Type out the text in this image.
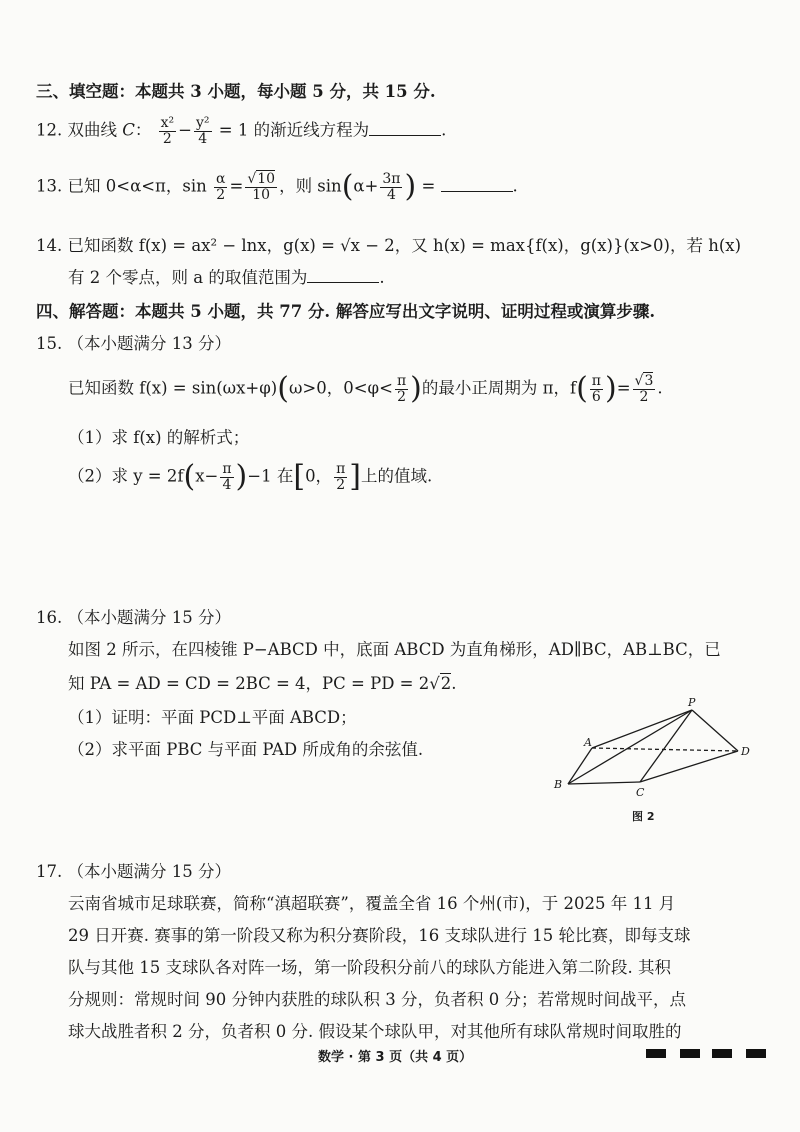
三、填空题：本题共 3 小题，每小题 5 分，共 15 分.
12. 双曲线 C： $\frac{\text{x²}}{2} - \frac{\text{y²}}{4} = 1$ 的渐近线方程为	.
13. 已知 0<α<π，$\sin \frac{\alpha}{2} = \frac{√10}{10}$ ，则 $\sin(\alpha+ \frac{3\pi}{4}$ ) =	.
14. 已知函数 f(x) = ax² − lnx，g(x) = √x − 2，又 h(x) = max{f(x)，g(x)}(x>0)，若 h(x)
有 2 个零点，则 a 的取值范围为	.
四、解答题：本题共 5 小题，共 77 分. 解答应写出文字说明、证明过程或演算步骤.
15. （本小题满分 13 分）
已知函数 f(x) = sin(ωx+φ)(ω>0，$0<\varphi< \frac{\pi}{2}$ )的最小正周期为 π，$f( \frac{\pi}{6}$ )= $\frac{√3}{2}$ .
（1）求 f(x) 的解析式；
（2）求 $y = 2f(x- \frac{\pi}{4} )-1$ 在[0， $\frac{\pi}{2}$ ]上的值域.
16. （本小题满分 15 分）
如图 2 所示，在四棱锥 P−ABCD 中，底面 ABCD 为直角梯形，AD∥BC，AB⊥BC，已
知 PA = AD = CD = 2BC = 4，PC = PD = 2√2.
（1）证明：平面 PCD⊥平面 ABCD；
（2）求平面 PBC 与平面 PAD 所成角的余弦值.
P
A
D
B
C
图 2
17. （本小题满分 15 分）
云南省城市足球联赛，简称“滇超联赛”，覆盖全省 16 个州(市)，于 2025 年 11 月
29 日开赛. 赛事的第一阶段又称为积分赛阶段，16 支球队进行 15 轮比赛，即每支球
队与其他 15 支球队各对阵一场，第一阶段积分前八的球队方能进入第二阶段. 其积
分规则：常规时间 90 分钟内获胜的球队积 3 分，负者积 0 分；若常规时间战平，点
球大战胜者积 2 分，负者积 0 分. 假设某个球队甲，对其他所有球队常规时间取胜的
数学 · 第 3 页（共 4 页）
